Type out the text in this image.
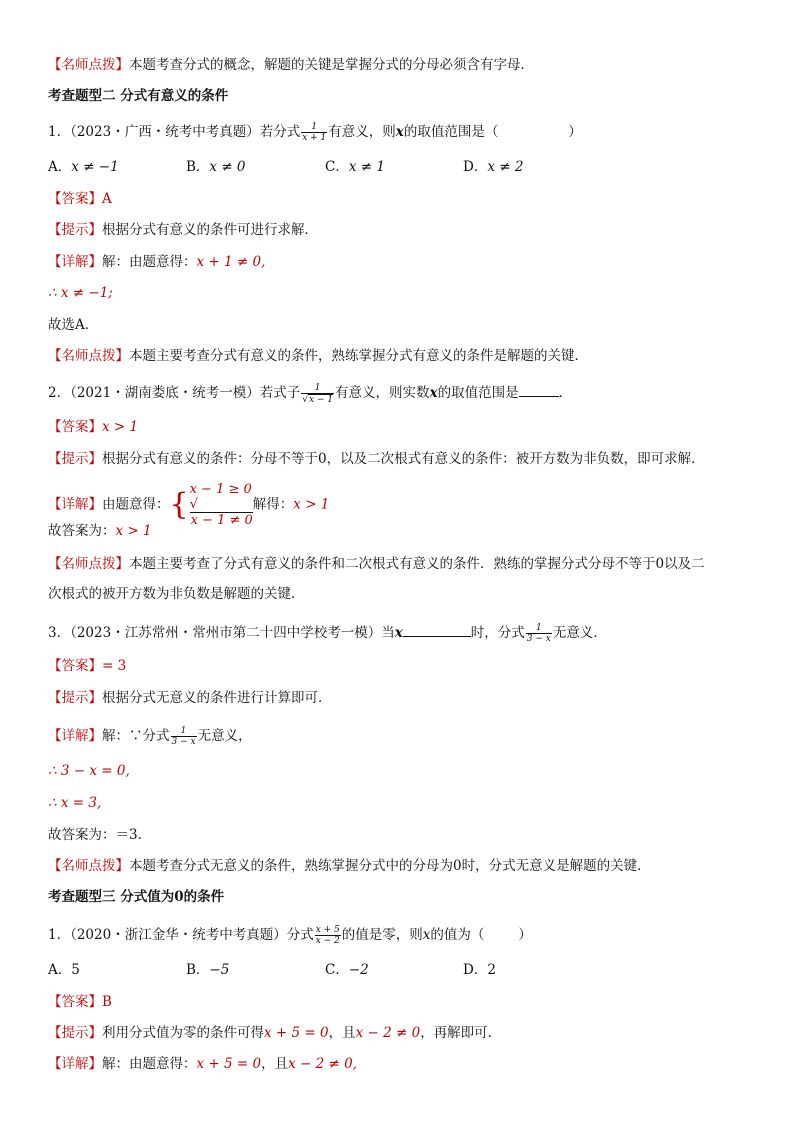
【名师点拨】本题考查分式的概念，解题的关键是掌握分式的分母必须含有字母．
考查题型二 分式有意义的条件
1．（2023・广西・统考中考真题）若分式 $\frac{1}{x + 1}$ 有意义，则x的取值范围是（	）
A．x ≠ −1	B．x ≠ 0	C．x ≠ 1	D．x ≠ 2
【答案】A
【提示】根据分式有意义的条件可进行求解．
【详解】解：由题意得：x + 1 ≠ 0,
∴ x ≠ −1;
故选A．
【名师点拨】本题主要考查分式有意义的条件，熟练掌握分式有意义的条件是解题的关键．
2．（2021・湖南娄底・统考一模）若式子 $\frac{1}{√x - 1}$ 有意义，则实数x的取值范围是	．
【答案】x > 1
【提示】根据分式有意义的条件：分母不等于0，以及二次根式有意义的条件：被开方数为非负数，即可求解．
【详解】由题意得：{ x − 1 ≥ 0
√
x − 1 ≠ 0
解得：x > 1
故答案为：x > 1
【名师点拨】本题主要考查了分式有意义的条件和二次根式有意义的条件．熟练的掌握分式分母不等于0以及二
次根式的被开方数为非负数是解题的关键．
3．（2023・江苏常州・常州市第二十四中学校考一模）当x	时，分式 $\frac{1}{3 - x}$ 无意义．
【答案】= 3
【提示】根据分式无意义的条件进行计算即可．
【详解】解：∵分式 $\frac{1}{3 - x}$ 无意义，
∴ 3 − x = 0,
∴ x = 3,
故答案为：＝3．
【名师点拨】本题考查分式无意义的条件，熟练掌握分式中的分母为0时，分式无意义是解题的关键．
考查题型三 分式值为0的条件
1．（2020・浙江金华・统考中考真题）分式 $\frac{x + 5}{x - 2}$ 的值是零，则x的值为（	）
A．5	B．−5	C．−2	D．2
【答案】B
【提示】利用分式值为零的条件可得x + 5 = 0，且x − 2 ≠ 0，再解即可．
【详解】解：由题意得：x + 5 = 0，且x − 2 ≠ 0,
